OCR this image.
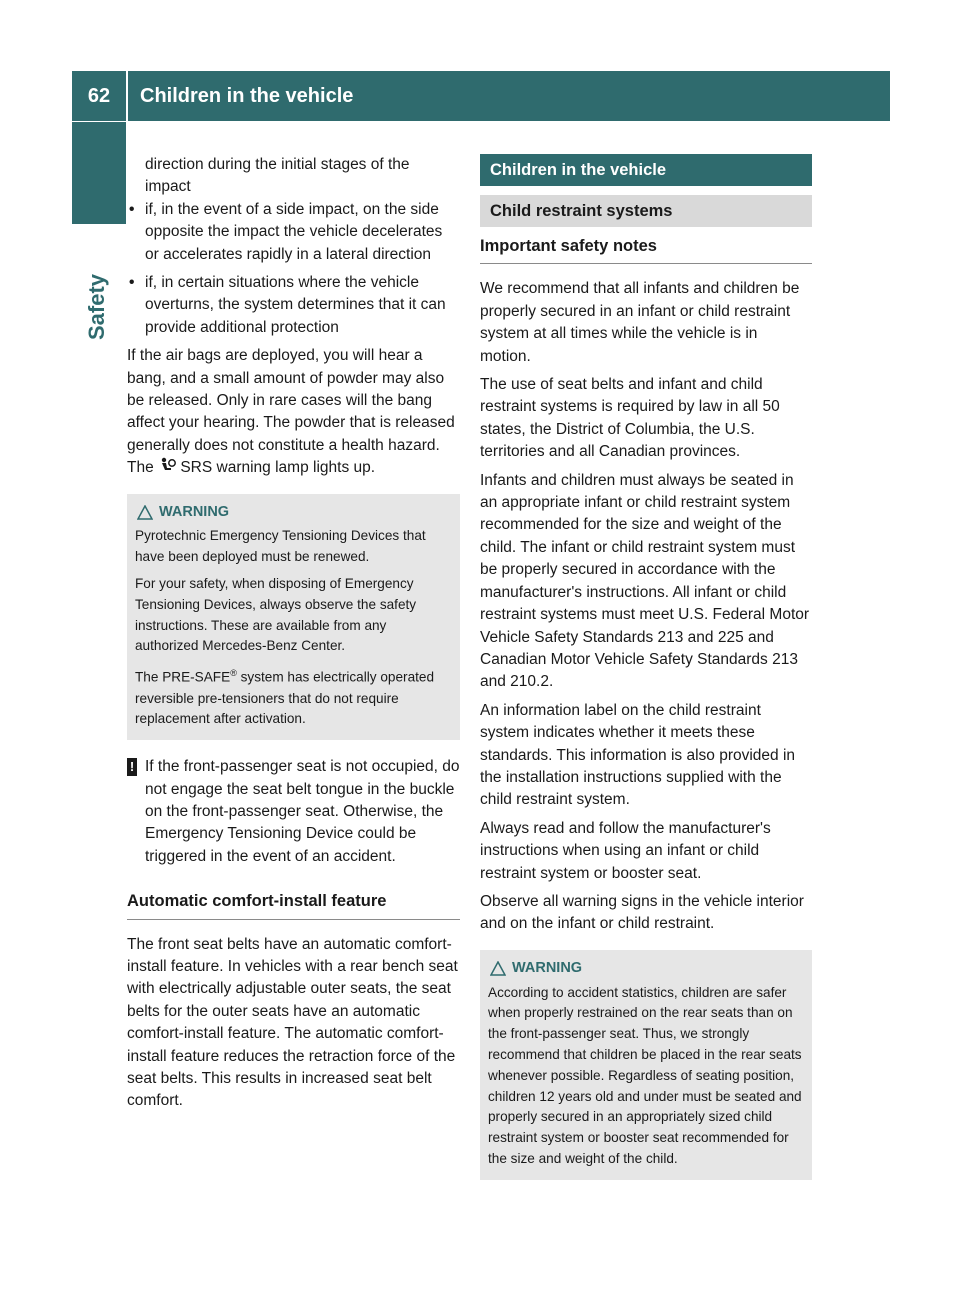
62	Children in the vehicle
Safety

direction during the initial stages of the

impact

• if, in the event of a side impact, on the side opposite the impact the vehicle decelerates or accelerates rapidly in a lateral direction

• if, in certain situations where the vehicle overturns, the system determines that it can provide additional protection

If the air bags are deployed, you will hear a bang, and a small amount of powder may also be released. Only in rare cases will the bang affect your hearing. The powder that is released generally does not constitute a health hazard. The SRS warning lamp lights up.

WARNING

Pyrotechnic Emergency Tensioning Devices that have been deployed must be renewed.

For your safety, when disposing of Emergency Tensioning Devices, always observe the safety instructions. These are available from any authorized Mercedes-Benz Center.

The PRE-SAFE® system has electrically operated reversible pre-tensioners that do not require replacement after activation.

! If the front-passenger seat is not occupied, do not engage the seat belt tongue in the buckle on the front-passenger seat. Otherwise, the Emergency Tensioning Device could be triggered in the event of an accident.
Automatic comfort-install feature

The front seat belts have an automatic comfort-install feature. In vehicles with a rear bench seat with electrically adjustable outer seats, the seat belts for the outer seats have an automatic comfort-install feature. The automatic comfort-install feature reduces the retraction force of the seat belts. This results in increased seat belt comfort.

Children in the vehicle
Child restraint systems
Important safety notes

We recommend that all infants and children be properly secured in an infant or child restraint system at all times while the vehicle is in motion.

The use of seat belts and infant and child restraint systems is required by law in all 50 states, the District of Columbia, the U.S. territories and all Canadian provinces.

Infants and children must always be seated in an appropriate infant or child restraint system recommended for the size and weight of the child. The infant or child restraint system must be properly secured in accordance with the manufacturer's instructions. All infant or child restraint systems must meet U.S. Federal Motor Vehicle Safety Standards 213 and 225 and Canadian Motor Vehicle Safety Standards 213 and 210.2.

An information label on the child restraint system indicates whether it meets these standards. This information is also provided in the installation instructions supplied with the child restraint system.

Always read and follow the manufacturer's instructions when using an infant or child restraint system or booster seat.

Observe all warning signs in the vehicle interior and on the infant or child restraint.

WARNING

According to accident statistics, children are safer when properly restrained on the rear seats than on the front-passenger seat. Thus, we strongly recommend that children be placed in the rear seats whenever possible. Regardless of seating position, children 12 years old and under must be seated and properly secured in an appropriately sized child restraint system or booster seat recommended for the size and weight of the child.
